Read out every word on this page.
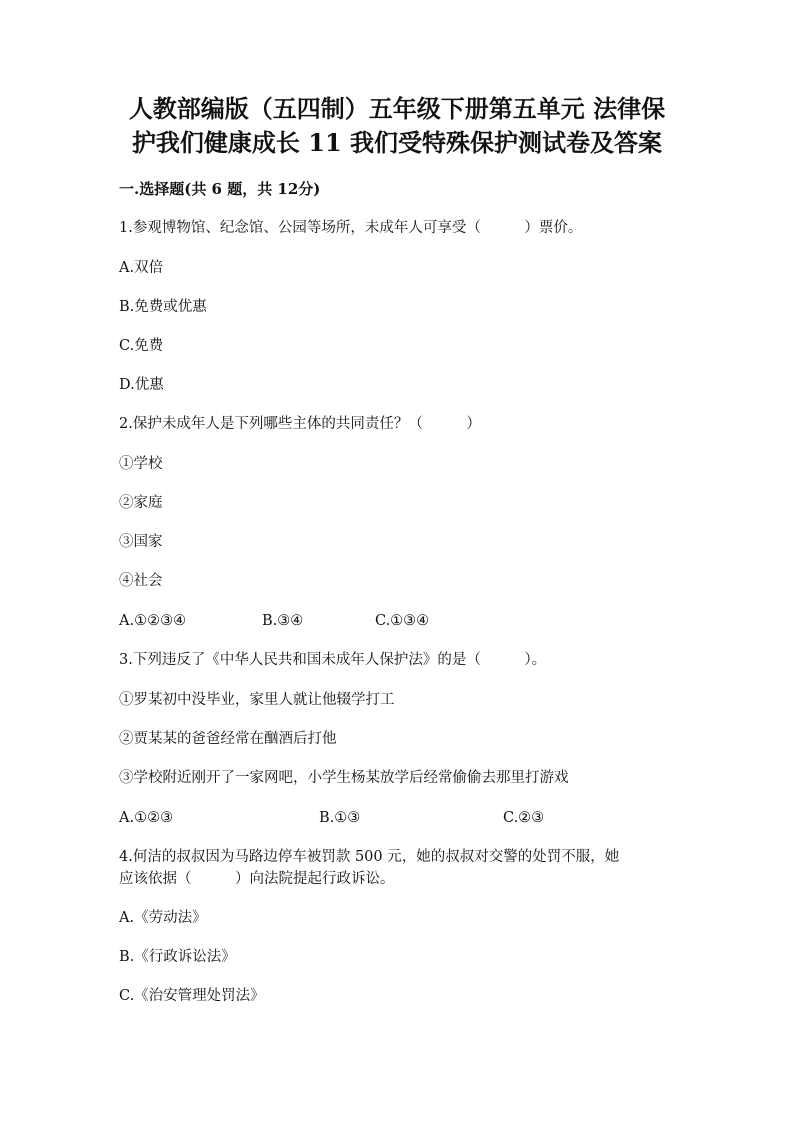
人教部编版（五四制）五年级下册第五单元 法律保
护我们健康成长 11 我们受特殊保护测试卷及答案
一.选择题(共 6 题，共 12分)
1.参观博物馆、纪念馆、公园等场所，未成年人可享受（　　　）票价。
A.双倍
B.免费或优惠
C.免费
D.优惠
2.保护未成年人是下列哪些主体的共同责任？（　　　）
①学校
②家庭
③国家
④社会
A.①②③④	B.③④	C.①③④
3.下列违反了《中华人民共和国未成年人保护法》的是（　　　）。
①罗某初中没毕业，家里人就让他辍学打工
②贾某某的爸爸经常在酗酒后打他
③学校附近刚开了一家网吧，小学生杨某放学后经常偷偷去那里打游戏
A.①②③	B.①③	C.②③
4.何洁的叔叔因为马路边停车被罚款 500 元，她的叔叔对交警的处罚不服，她
应该依据（　　　）向法院提起行政诉讼。
A.《劳动法》
B.《行政诉讼法》
C.《治安管理处罚法》
